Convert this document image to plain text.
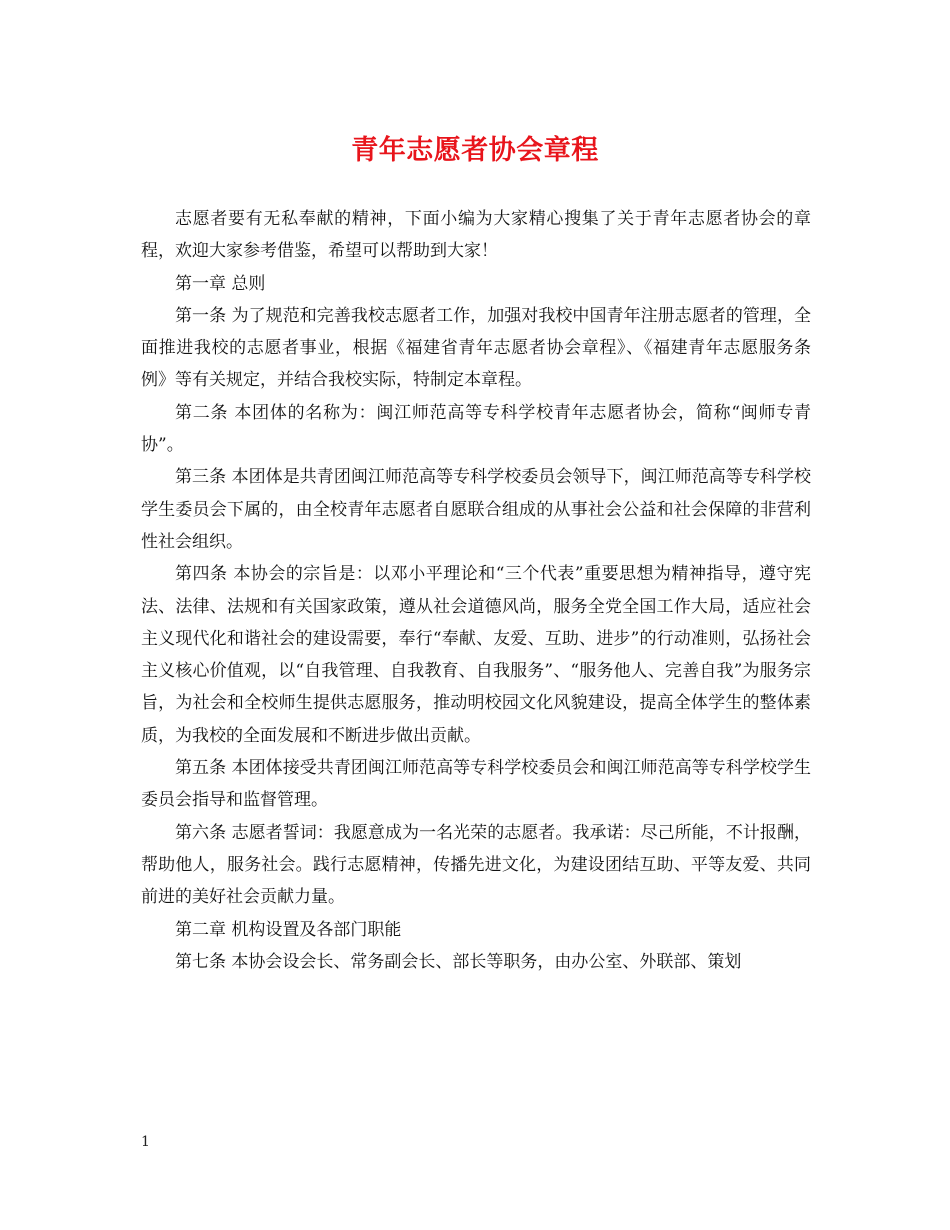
青年志愿者协会章程

志愿者要有无私奉献的精神，下面小编为大家精心搜集了关于青年志愿者协会的章程，欢迎大家参考借鉴，希望可以帮助到大家！

第一章 总则

第一条 为了规范和完善我校志愿者工作，加强对我校中国青年注册志愿者的管理，全面推进我校的志愿者事业，根据《福建省青年志愿者协会章程》、《福建青年志愿服务条例》等有关规定，并结合我校实际，特制定本章程。

第二条 本团体的名称为：闽江师范高等专科学校青年志愿者协会，简称“闽师专青协”。

第三条 本团体是共青团闽江师范高等专科学校委员会领导下，闽江师范高等专科学校学生委员会下属的，由全校青年志愿者自愿联合组成的从事社会公益和社会保障的非营利性社会组织。

第四条 本协会的宗旨是：以邓小平理论和“三个代表”重要思想为精神指导，遵守宪法、法律、法规和有关国家政策，遵从社会道德风尚，服务全党全国工作大局，适应社会主义现代化和谐社会的建设需要，奉行“奉献、友爱、互助、进步”的行动准则，弘扬社会主义核心价值观，以“自我管理、自我教育、自我服务”、“服务他人、完善自我”为服务宗旨，为社会和全校师生提供志愿服务，推动明校园文化风貌建设，提高全体学生的整体素质，为我校的全面发展和不断进步做出贡献。

第五条 本团体接受共青团闽江师范高等专科学校委员会和闽江师范高等专科学校学生委员会指导和监督管理。

第六条 志愿者誓词：我愿意成为一名光荣的志愿者。我承诺：尽己所能，不计报酬，帮助他人，服务社会。践行志愿精神，传播先进文化，为建设团结互助、平等友爱、共同前进的美好社会贡献力量。

第二章 机构设置及各部门职能

第七条 本协会设会长、常务副会长、部长等职务，由办公室、外联部、策划

1
